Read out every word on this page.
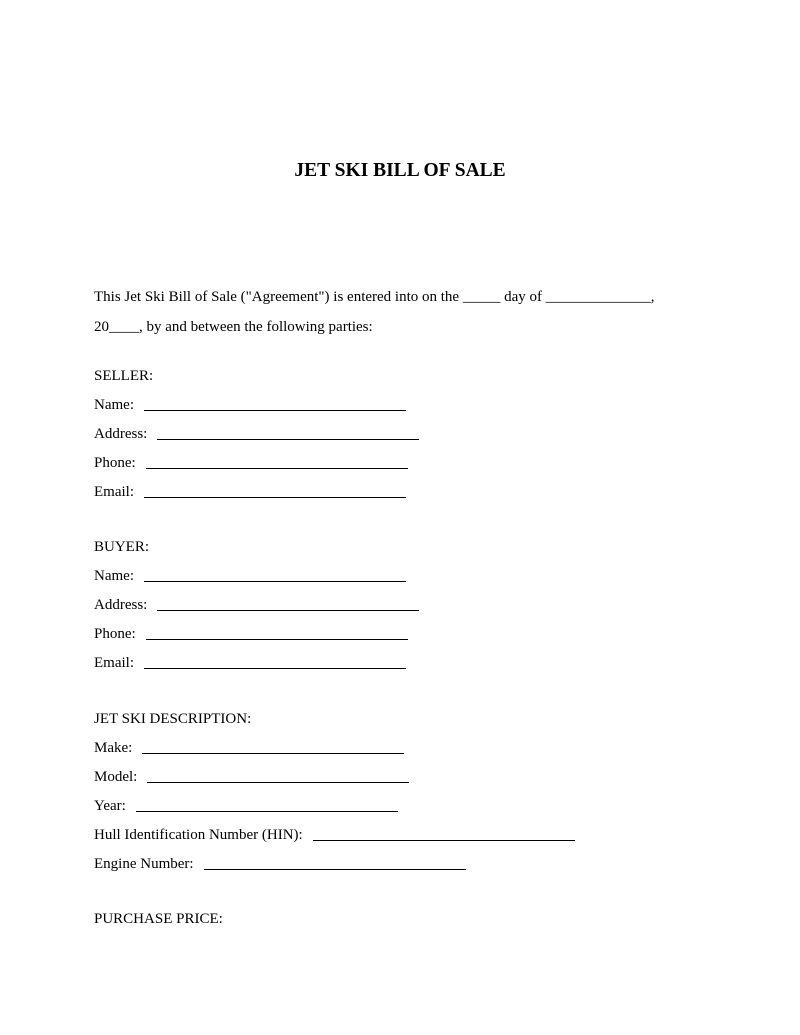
JET SKI BILL OF SALE

This Jet Ski Bill of Sale ("Agreement") is entered into on the _____ day of ______________,

20____, by and between the following parties:

SELLER:

Name:
Address:
Phone:
Email:

BUYER:

Name:
Address:
Phone:
Email:

JET SKI DESCRIPTION:

Make:
Model:
Year:
Hull Identification Number (HIN):
Engine Number:

PURCHASE PRICE:
